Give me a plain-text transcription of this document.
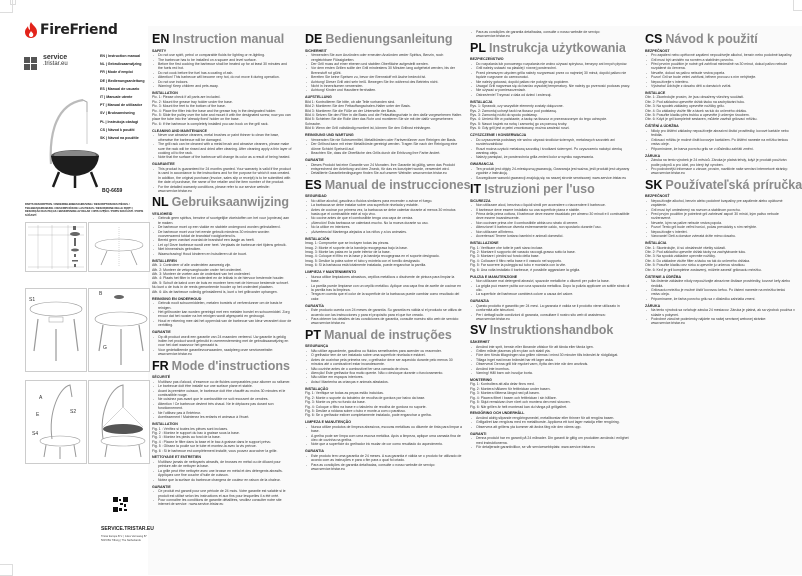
FireFriend
service
.tristar.eu
EN | Instruction manual
NL | Gebruiksaanwijzing
FR | Mode d'emploi
DE | Bedienungsanleitung
ES | Manual de usuario
IT | Manuale utente
PT | Manual de utilizador
SV | Bruksanvisning
PL | Instrukcja obsługi
CS | Návod k použití
SK | Návod na použitie
BQ-6659
PARTS DESCRIPTION / ONDERDELENBESCHRIJVING / DESCRIPTION DES PIÈCES / TEILEBESCHREIBUNG / DESCRIPCIÓN DE LAS PIEZAS / DESCRIZIONE DELLE PARTI / DESCRIÇÃO DAS PEÇAS / BESKRIVNING AV DELAR / OPIS CZĘŚCI / POPIS SOUČÁSTÍ / POPIS SÚČASTÍ
S1
B
G
A
E	S2
S4
SERVICE.TRISTAR.EU
Tristar Europe B.V. | Jules Verneweg 87
5015 BH Tilburg | The Netherlands
EN Instruction manual
SAFETY
- Do not use spirit, petrol or comparable fluids for lighting or re-lighting.
- The barbecue has to be installed on a square and level surface.
- Before the first cooking the barbecue shall be heated up for at least 30 minutes and the fuels red hot.
- Do not cook before the fuel has a coating of ash.
- Attention! This barbecue will become very hot, do not move it during operation.
- Do not use indoors.
- Warning! Keep children and pets away.
INSTALLATION
Pic. 1: Please check if all parts are included.
Pic. 2: Mount the grease tray holder under the base.
Pic. 3: Mount the feet to the bottom of the base.
Pic. 4: Place the filter into the base and the grease tray in the designated holder.
Pic. 5: Slide the pulley over the tube and mount it with the designated screw, now you can place the tube into the 'already fixed' holder on the base.
Pic. 6: If the barbecue is completely installed you can hook on the grill rack.
CLEANING AND MAINTENANCE
- Never use abrasive cleaners, metal brushes or paint thinner to clean the base, otherwise the barbecue will be damaged.
- The grill rack can be cleaned with a metal brush and abrasive cleaners, please make sure the rack will be rinsed and dried after cleaning. After cleaning apply a thin layer of cooking oil to the rack.
- Note that the surface of the barbecue will change its color as a result of being heated.
GUARANTEE
- This product is guaranteed for 24 months granted. Your warranty is valid if the product is used in accordance to the instructions and for the purpose for which it was created. In addition, the original purchase (invoice, sales slip or receipt) is to be submitted with the date of purchase, the name of the retailer and the item number of the product.
- For the detailed warranty conditions, please refer to our service website: www.service.tristar.eu
NL Gebruiksaanwijzing
VEILIGHEID
- Gebruik geen spiritus, benzine of soortgelijke vloeistoffen om het vuur (opnieuw) aan te maken.
- De barbecue moet op een vlakke en stabiele ondergrond worden geïnstalleerd.
- De barbecue moet voor het eerste gebruik minstens 30 minuten worden voorverwarmd totdat de brandstof roodgloeiend is.
- Bereid geen voedsel voordat de brandstof een laagje as heeft.
- Let op! Deze barbecue wordt zeer heet. Verplaats de barbecue niet tijdens gebruik.
- Niet binnenshuis gebruiken.
- Waarschuwing! Houd kinderen en huisdieren uit de buurt.
INSTALLEREN
Afb. 1: Controleer of alle onderdelen aanwezig zijn.
Afb. 2: Monteer de vetopvanghouder onder het onderdeel.
Afb. 3: Monteer de voeten aan de onderkant van het onderdeel.
Afb. 4: Plaats het filter in het onderdeel en de lekbak in de hiervoor bestemde houder.
Afb. 5: Schuif de katrol over de buis en monteer hem met de hiervoor bestemde schroef. Nu kunt u de buis in de reeds gemonteerde houder op het onderdeel plaatsen.
Afb. 6: Als de barbecue volledig geïnstalleerd is, kunt u het grillrooster ophangen.
REINIGING EN ONDERHOUD
- Gebruik nooit schuurmiddelen, metalen borstels of verfverdunner om de basis te reinigen.
- Het grillrooster kan worden gereinigd met een metalen borstel en schuurmiddel. Zorg ervoor dat het rooster na het reinigen wordt afgespoeld en gedroogd.
- Houd er rekening mee dat het oppervlak van de barbecue van kleur verandert door de verhitting.
GARANTIE
- Op dit product wordt een garantie van 24 maanden verleend. Uw garantie is geldig indien het product wordt gebruikt in overeenstemming met de gebruiksaanwijzing en voor het doel waarvoor het gemaakt is.
- Voor gedetailleerde garantievoorwaarden, raadpleeg onze servicewebsite: www.service.tristar.eu
FR Mode d'instructions
SÉCURITÉ
- N'utilisez pas d'alcool, d'essence ou de fluides comparables pour allumer ou rallumer.
- Le barbecue doit être installé sur une surface plane et stable.
- Avant la première cuisson, le barbecue doit être chauffé au moins 30 minutes et le combustible rouge.
- Ne cuisinez pas avant que le combustible ne soit recouvert de cendres.
- Attention ! Ce barbecue devient très chaud. Ne le déplacez pas durant son fonctionnement.
- Ne l'utilisez pas à l'intérieur.
- Avertissement ! Maintenez les enfants et animaux à l'écart.
INSTALLATION
Fig. 1 : Vérifiez si toutes les pièces sont incluses.
Fig. 2 : Montez le support du bac à graisse sous la base.
Fig. 3 : Montez les pieds au fond de la base.
Fig. 4 : Placez le filtre dans la base et le bac à graisse dans le support prévu.
Fig. 5 : Glissez la poulie sur le tube et montez-la avec la vis prévue.
Fig. 6 : Si le barbecue est complètement installé, vous pouvez accrocher la grille.
NETTOYAGE ET ENTRETIEN
- N'utilisez jamais de nettoyants abrasifs, de brosses en métal ou de diluant pour peinture afin de nettoyer la base.
- La grille peut être nettoyée avec une brosse en métal et des détergents abrasifs. Appliquez une fine couche d'huile de cuisson.
- Notez que la surface du barbecue changera de couleur en raison de la chaleur.
GARANTIE
- Ce produit est garanti pour une période de 24 mois. Votre garantie est valable si le produit est utilisé selon les instructions et aux fins pour lesquelles il a été créé.
- Pour connaître les conditions de garantie détaillées, veuillez consulter notre site internet de service : www.service.tristar.eu
DE Bedienungsanleitung
SICHERHEIT
- Verwenden Sie zum Anzünden oder erneuten Anzünden weder Spiritus, Benzin, noch vergleichbare Flüssigkeiten.
- Der Grill muss auf einer ebenen und stabilen Oberfläche aufgestellt werden.
- Vor dem ersten Grillen sollte der Grill mindestens 30 Minuten lang aufgeheizt werden, bis der Brennstoff rot glüht.
- Bereiten Sie keine Speisen zu, bevor der Brennstoff mit Asche bedeckt ist.
- Achtung! Dieser Grill wird sehr heiß. Bewegen Sie ihn während des Betriebs nicht.
- Nicht in Innenräumen verwenden.
- Achtung! Kinder und Haustiere fernhalten.
AUFSTELLUNG
Bild 1: Kontrollieren Sie bitte, ob alle Teile vorhanden sind.
Bild 2: Montieren Sie den Fettauffangschalen-Halter unter der Basis.
Bild 3: Montieren Sie die Füße an der Unterseite der Basis.
Bild 4: Setzen Sie den Filter in die Basis und die Fettauffangschale in den dafür vorgesehenen Halter.
Bild 5: Schieben Sie die Rolle über das Rohr und montieren Sie sie mit der dafür vorgesehenen Schraube.
Bild 6: Wenn der Grill vollständig montiert ist, können Sie den Grillrost einhängen.
REINIGUNG UND WARTUNG
- Verwenden Sie nie Scheuermittel, Metallbürsten oder Farbverdünner zum Reinigen der Basis.
- Der Grillrost kann mit einer Metallbürste gereinigt werden. Tragen Sie nach der Reinigung eine dünne Schicht Speiseöl auf.
- Beachten Sie, dass die Oberfläche des Grills durch die Erhitzung ihre Farbe ändert.
GARANTIE
- Dieses Produkt hat eine Garantie von 24 Monaten. Ihre Garantie ist gültig, wenn das Produkt entsprechend der Anleitung und dem Zweck, für das es konzipiert wurde, verwendet wird.
- Detaillierte Garantiebedingungen finden Sie auf unserer Website: www.service.tristar.eu
ES Manual de instrucciones
SEGURIDAD
- No utilice alcohol, gasolina o fluidos similares para encender o avivar el fuego.
- La barbacoa se debe instalar sobre una superficie nivelada y estable.
- Antes de cocinar por primera vez, la barbacoa se debe calentar durante al menos 30 minutos hasta que el combustible esté al rojo vivo.
- No cocine antes de que el combustible tenga una capa de ceniza.
- ¡Atención! Esta barbacoa se calentará mucho. No la mueva durante su uso.
- No la utilice en interiores.
- ¡Advertencia! Mantenga alejados a los niños y a los animales.
INSTALACIÓN
Imag. 1: Compruebe que se incluyen todas las piezas.
Imag. 2: Monte el soporte de la bandeja recogegrasa bajo la base.
Imag. 3: Monte las patas en la parte inferior de la base.
Imag. 4: Coloque el filtro en la base y la bandeja recogegrasa en el soporte designado.
Imag. 5: Deslice la polea sobre el tubo y móntela con el tornillo designado.
Imag. 6: Si la barbacoa está totalmente instalada, puede enganchar la parrilla.
LIMPIEZA Y MANTENIMIENTO
- Nunca utilice limpiadores abrasivos, cepillos metálicos o disolvente de pintura para limpiar la base.
- La parrilla puede limpiarse con un cepillo metálico. Aplique una capa fina de aceite de cocinar en la parrilla tras la limpieza.
- Tenga en cuenta que el color de la superficie de la barbacoa puede cambiar como resultado del calor.
GARANTÍA
- Este producto cuenta con 24 meses de garantía. Su garantía es válida si el producto se utiliza de acuerdo con las instrucciones y para el propósito para el que fue creado.
- Para obtener los detalles de las condiciones de garantía, consulte nuestro sitio web de servicio: www.service.tristar.eu
PT Manual de instruções
SEGURANÇA
- Não utilize aguardente, gasolina ou fluidos semelhantes para acender ou reacender.
- O grelhador tem de ser instalado sobre uma superfície nivelada e estável.
- Antes de cozinhar pela primeira vez, o grelhador deve ser aquecido durante pelo menos 30 minutos até o combustível estar incandescente.
- Não cozinhe antes de o combustível ter uma camada de cinza.
- Atenção! Este grelhador fica muito quente. Não o desloque durante o funcionamento.
- Não utilize em espaços interiores.
- Aviso! Mantenha as crianças e animais afastados.
INSTALAÇÃO
Fig. 1: Verifique se todas as peças estão incluídas.
Fig. 2: Monte o suporte do tabuleiro de recolha de gordura por baixo da base.
Fig. 3: Monte os pés no fundo da base.
Fig. 4: Coloque o filtro na base e o tabuleiro de recolha de gordura no suporte.
Fig. 5: Deslize a roldana sobre o tubo e monte-a com o parafuso.
Fig. 6: Se o grelhador estiver completamente instalado, pode enganchar a grelha.
LIMPEZA E MANUTENÇÃO
- Nunca utilize produtos de limpeza abrasivos, escovas metálicas ou diluente de tinta para limpar a base.
- A grelha pode ser limpa com uma escova metálica. Após a limpeza, aplique uma camada fina de óleo de cozinha na grelha.
- Note que a superfície do grelhador irá mudar de cor como resultado do aquecimento.
GARANTIA
- Este produto tem uma garantia de 24 meses. A sua garantia é válida se o produto for utilizado de acordo com as instruções e para o fim para o qual foi criado.
- Para as condições de garantia detalhadas, consulte o nosso website de serviço: www.service.tristar.eu
- Para as condições de garantia detalhadas, consulte o nosso website de serviço: www.service.tristar.eu
PL Instrukcja użytkowania
BEZPIECZEŃSTWO
- Do rozpalania lub ponownego rozpalania nie wolno używać spirytusu, benzyny ani innych płynów.
- Grill należy ustawić na płaskiej i równej powierzchni.
- Przed pierwszym użyciem grilla należy rozgrzewać przez co najmniej 30 minut, dopóki paliwo nie będzie rozgrzane do czerwoności.
- Nie należy gotować, dopóki paliwo nie pokryje się popiołem.
- Uwaga! Grill nagrzewa się do bardzo wysokiej temperatury. Nie należy go przenosić podczas pracy.
- Nie używać w pomieszczeniach.
- Ostrzeżenie! Trzymać z dala od dzieci i zwierząt.
INSTALACJA
Rys. 1: Sprawdź, czy wszystkie elementy zostały dołączone.
Rys. 2: Zamontuj uchwyt tacki na tłuszcz pod podstawą.
Rys. 3: Zamontuj nóżki do spodu podstawy.
Rys. 4: Umieść filtr w podstawie, a tackę na tłuszcz w przeznaczonym do tego uchwycie.
Rys. 5: Nasuń krążek na rurkę i zamontuj go za pomocą śruby.
Rys. 6: Gdy grill jest w pełni zmontowany, można zawiesić ruszt.
CZYSZCZENIE I KONSERWACJA
- Do czyszczenia podstawy nie wolno używać środków ściernych, metalowych szczotek ani rozcieńczalników.
- Ruszt można czyścić metalową szczotką i środkami ściernymi. Po czyszczeniu nałożyć cienką warstwę oleju.
- Należy pamiętać, że powierzchnia grilla zmieni kolor w wyniku nagrzewania.
GWARANCJA
- Ten produkt jest objęty 24-miesięczną gwarancją. Gwarancja jest ważna, jeśli produkt jest używany zgodnie z instrukcją.
- Szczegółowe warunki gwarancji znajdują się na naszej stronie serwisowej: www.service.tristar.eu
IT Istruzioni per l'uso
SICUREZZA
- Non utilizzare alcol, benzina o liquidi simili per accendere o riaccendere il barbecue.
- Il barbecue deve essere installato su una superficie piana e stabile.
- Prima della prima cottura, il barbecue deve essere riscaldato per almeno 30 minuti e il combustibile deve essere incandescente.
- Non cucinare prima che il combustibile abbia uno strato di cenere.
- Attenzione! Il barbecue diventa estremamente caldo, non spostarlo durante l'uso.
- Non utilizzare all'interno.
- Avvertenza! Tenere lontano bambini e animali domestici.
INSTALLAZIONE
Fig. 1: Verificare che tutte le parti siano incluse.
Fig. 2: Montare il supporto del vassoio raccogli-grasso sotto la base.
Fig. 3: Montare i piedini sul fondo della base.
Fig. 4: Collocare il filtro nella base e il vassoio nel supporto.
Fig. 5: Far scorrere la puleggia sul tubo e montarla con la vite.
Fig. 6: Una volta installato il barbecue, è possibile agganciare la griglia.
PULIZIA E MANUTENZIONE
- Non utilizzare mai detergenti abrasivi, spazzole metalliche o diluenti per pulire la base.
- La griglia può essere pulita con una spazzola metallica. Dopo la pulizia applicare un sottile strato di olio.
- La superficie del barbecue cambierà colore a causa del calore.
GARANZIA
- Questo prodotto è garantito per 24 mesi. La garanzia è valida se il prodotto viene utilizzato in conformità alle istruzioni.
- Per i dettagli sulle condizioni di garanzia, consultare il nostro sito web di assistenza: www.service.tristar.eu
SV Instruktionshandbok
SÄKERHET
- Använd inte sprit, bensin eller liknande vätskor för att tända eller tända igen.
- Grillen måste placeras på en plan och stabil yta.
- Före den första tillagningen ska grillen värmas i minst 30 minuter tills bränslet är rödglödgat.
- Tillaga inget mat innan bränslet har ett lager aska.
- Observera! Denna grill blir mycket varm, flytta den inte när den används.
- Använd inte inomhus.
- Varning! Håll barn och husdjur borta.
MONTERING
Fig. 1: Kontrollera att alla delar finns med.
Fig. 2: Montera hållaren för fettbrickan under basen.
Fig. 3: Montera fötterna längst ned på basen.
Fig. 4: Placera filtret i basen och fettbrickan i sin hållare.
Fig. 5: Skjut remskivan över röret och montera den med skruven.
Fig. 6: När grillen är helt monterad kan du hänga på grillgallret.
RENGÖRING OCH UNDERHÅLL
- Använd aldrig slipande rengöringsmedel, metallborstar eller thinner för att rengöra basen.
- Grillgallret kan rengöras med en metallborste. Applicera ett tunt lager matolja efter rengöring.
- Observera att grillens yta kommer att ändra färg när den värms upp.
GARANTI
- Denna produkt har en garanti på 24 månader. Din garanti är giltig om produkten används i enlighet med instruktionerna.
- För detaljerade garantivillkor, se vår servicewebbplats: www.service.tristar.eu
CS Návod k použití
BEZPEČNOST
- Pro zapálení nebo opětovné zapálení nepoužívejte alkohol, benzín nebo podobné kapaliny.
- Gril musí být umístěn na rovném a stabilním povrchu.
- Před prvním použitím je nutné gril zahřívat minimálně na 30 minut, dokud palivo nebude rozpálené do červena.
- Nevařte, dokud na palivu nebude vrstva popela.
- Pozor! Gril se bude velmi zahřívat, během provozu s ním nehýbejte.
- Nepoužívejte v interiéru.
- Výstraha! Udržujte z dosahu dětí a domácích zvířat.
INSTALACE
Obr. 1: Zkontrolujte prosím, že jsou obsaženy všechny součásti.
Obr. 2: Pod základnu upevněte držák tácku na zachytávání tuku.
Obr. 3: Na spodek základny upevněte nožičky grilu.
Obr. 4: Do základny vložte filtr a tácek na tuk do určeného držáku.
Obr. 5: Posuňte kladku přes trubku a upevněte ji určeným šroubem.
Obr. 6: Když je gril kompletně sestaven, můžete zavěsit grilovací mřížku.
ČIŠTĚNÍ A ÚDRŽBA
- Nikdy pro čištění základny nepoužívejte abrazivní čisticí prostředky, kovové kartáče nebo ředidla.
- Grilovací mřížku je možné čistit kovovým kartáčem. Po čištění naneste na mřížku tenkou vrstvu oleje.
- Připomínáme, že barva povrchu grilu se v důsledku zahřátí změní.
ZÁRUKA
- Záruka na tento výrobek je 24 měsíců. Záruka je platná tehdy, když je produkt používán podle pokynů a pro účel, pro který byl vyroben.
- Pro podrobnější informace o záruce, prosím, navštivte naše servisní internetové stránky: www.service.tristar.eu
SK Používateľská príručka
BEZPEČNOSŤ
- Nepoužívajte alkohol, benzín alebo podobné kvapaliny pre zapálenie alebo opätovné zapálenie.
- Gril musí byť umiestnený na rovnom a stabilnom povrchu.
- Pred prvým použitím je potrebné gril zahrievať aspoň 30 minút, kým palivo nebude rozžeravené.
- Nevarte, kým na palive nebude vrstva popola.
- Pozor! Tento gril bude veľmi horúci, počas prevádzky s ním nehýbte.
- Nepoužívajte v interiéri.
- Varovanie! Deti a domáce zvieratá držte mimo dosahu.
INŠTALÁCIA
Obr. 1: Skontrolujte, či sú obsiahnuté všetky súčasti.
Obr. 2: Pod základňu upevnite držiak tácky na zachytávanie tuku.
Obr. 3: Na spodok základne upevnite nožičky.
Obr. 4: Do základne vložte filter a tácku na tuk do určeného držiaka.
Obr. 5: Posuňte kladku cez rúrku a upevnite ju určenou skrutkou.
Obr. 6: Keď je gril kompletne zostavený, môžete zavesiť grilovaciu mriežku.
ČISTENIE A ÚDRŽBA
- Na čistenie základne nikdy nepoužívajte abrazívne čistiace prostriedky, kovové kefy alebo riedidlá.
- Grilovaciu mriežku je možné čistiť kovovou kefou. Po čistení naneste na mriežku tenkú vrstvu oleja.
- Pripomíname, že farba povrchu grilu sa v dôsledku zahriatia zmení.
ZÁRUKA
- Na tento výrobok sa vzťahuje záruka 24 mesiacov. Záruka je platná, ak sa výrobok používa v súlade s pokynmi.
- Podrobné záručné podmienky nájdete na našej servisnej webovej stránke: www.service.tristar.eu
